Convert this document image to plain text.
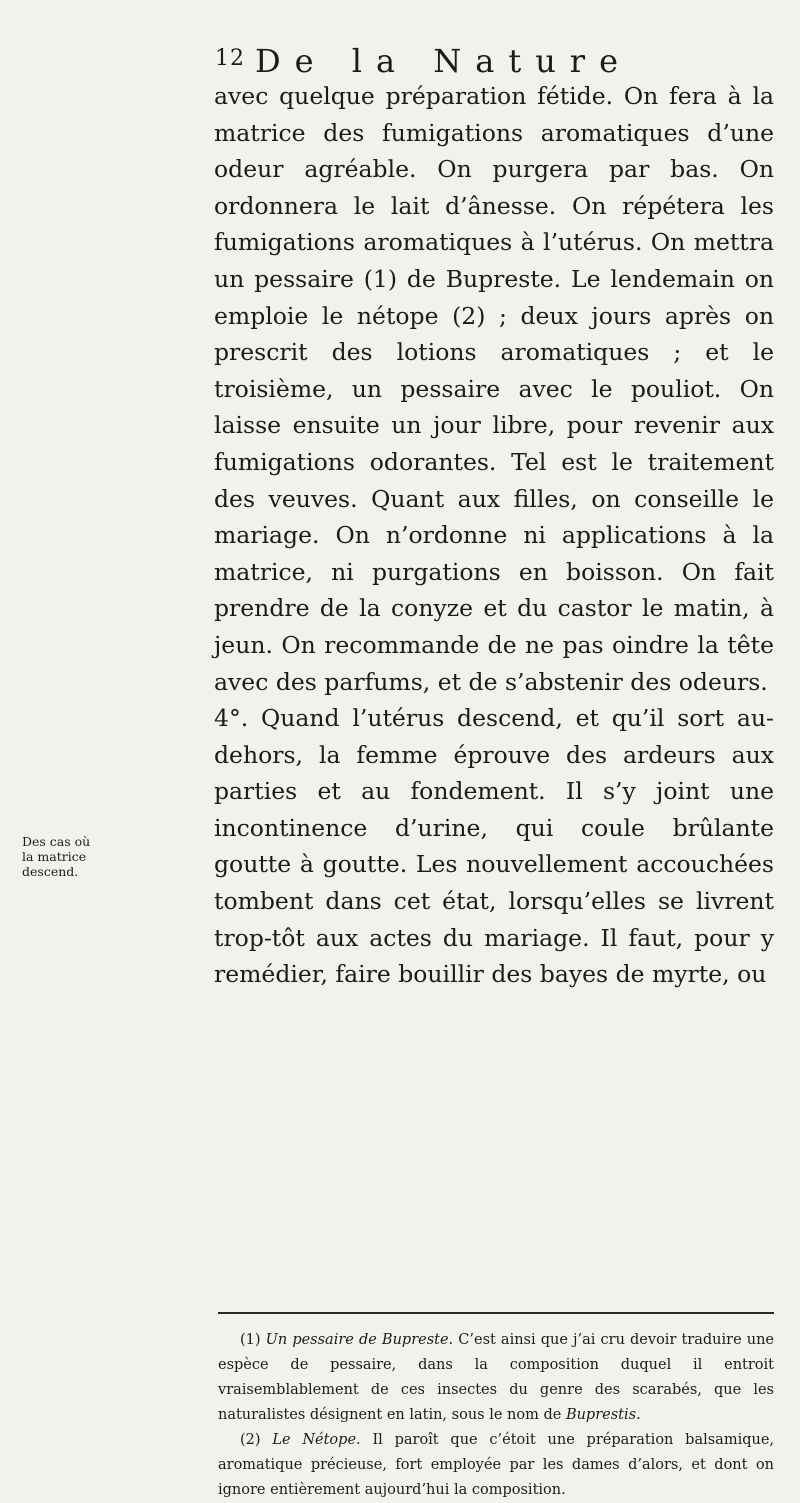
12 De la Nature
Des cas où la matrice descend.

avec quelque préparation fétide. On fera à la matrice des fumigations aromatiques d’une odeur agréable. On purgera par bas. On ordonnera le lait d’ânesse. On répétera les fumigations aromatiques à l’utérus. On mettra un pessaire (1) de Bupreste. Le lendemain on emploie le nétope (2) ; deux jours après on prescrit des lotions aromatiques ; et le troisième, un pessaire avec le pouliot. On laisse ensuite un jour libre, pour revenir aux fumigations odorantes. Tel est le traitement des veuves. Quant aux filles, on conseille le mariage. On n’ordonne ni applications à la matrice, ni purgations en boisson. On fait prendre de la conyze et du castor le matin, à jeun. On recommande de ne pas oindre la tête avec des parfums, et de s’abstenir des odeurs.

4°. Quand l’utérus descend, et qu’il sort au-dehors, la femme éprouve des ardeurs aux parties et au fondement. Il s’y joint une incontinence d’urine, qui coule brûlante goutte à goutte. Les nouvellement accouchées tombent dans cet état, lorsqu’elles se livrent trop-tôt aux actes du mariage. Il faut, pour y remédier, faire bouillir des bayes de myrte, ou

(1) Un pessaire de Bupreste. C’est ainsi que j’ai cru devoir traduire une espèce de pessaire, dans la composition duquel il entroit vraisemblablement de ces insectes du genre des scarabés, que les naturalistes désignent en latin, sous le nom de Buprestis.

(2) Le Nétope. Il paroît que c’étoit une préparation balsamique, aromatique précieuse, fort employée par les dames d’alors, et dont on ignore entièrement aujourd’hui la composition.
